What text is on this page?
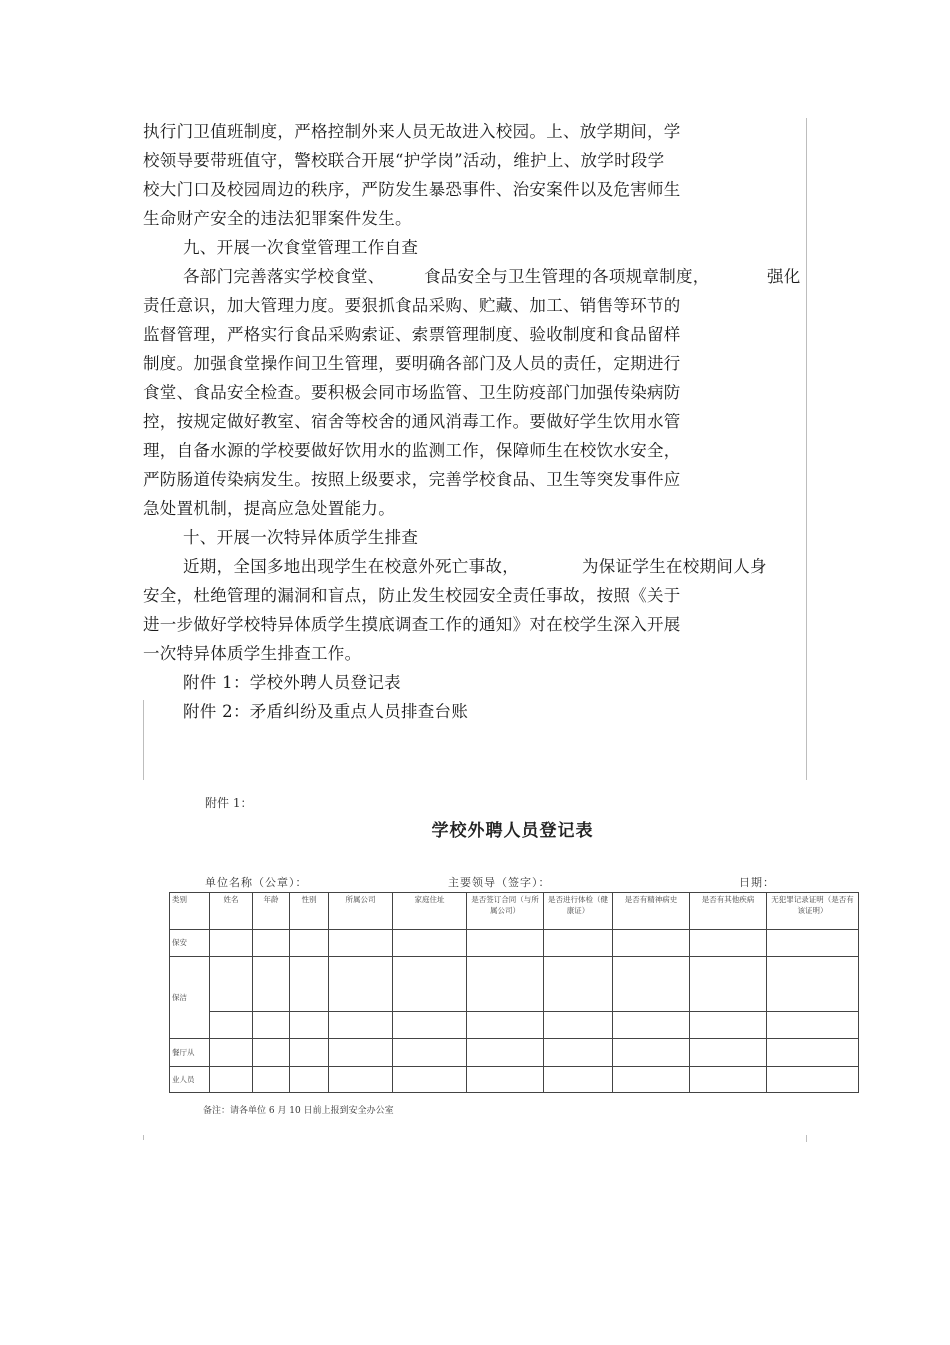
执行门卫值班制度，严格控制外来人员无故进入校园。上、放学期间，学
校领导要带班值守，警校联合开展“护学岗”活动，维护上、放学时段学
校大门口及校园周边的秩序，严防发生暴恐事件、治安案件以及危害师生
生命财产安全的违法犯罪案件发生。
九、开展一次食堂管理工作自查
各部门完善落实学校食堂、 食品安全与卫生管理的各项规章制度，	强化
责任意识，加大管理力度。要狠抓食品采购、贮藏、加工、销售等环节的
监督管理，严格实行食品采购索证、索票管理制度、验收制度和食品留样
制度。加强食堂操作间卫生管理，要明确各部门及人员的责任，定期进行
食堂、食品安全检查。要积极会同市场监管、卫生防疫部门加强传染病防
控，按规定做好教室、宿舍等校舍的通风消毒工作。要做好学生饮用水管
理，自备水源的学校要做好饮用水的监测工作，保障师生在校饮水安全，
严防肠道传染病发生。按照上级要求，完善学校食品、卫生等突发事件应
急处置机制，提高应急处置能力。
十、开展一次特异体质学生排查
近期，全国多地出现学生在校意外死亡事故，	为保证学生在校期间人身
安全，杜绝管理的漏洞和盲点，防止发生校园安全责任事故，按照《关于
进一步做好学校特异体质学生摸底调查工作的通知》对在校学生深入开展
一次特异体质学生排查工作。
附件 1：学校外聘人员登记表
附件 2：矛盾纠纷及重点人员排查台账
附件 1：
学校外聘人员登记表
单位名称（公章）：	主要领导（签字）：	日期：
类别	姓名	年龄	性别	所属公司	家庭住址	是否签订合同（与所属公司）	是否进行体检（健康证）	是否有精神病史	是否有其他疾病	无犯罪记录证明（是否有该证明）
保安										
保洁										

餐厅从										
业人员										
备注：请各单位 6 月 10 日前上报到安全办公室
